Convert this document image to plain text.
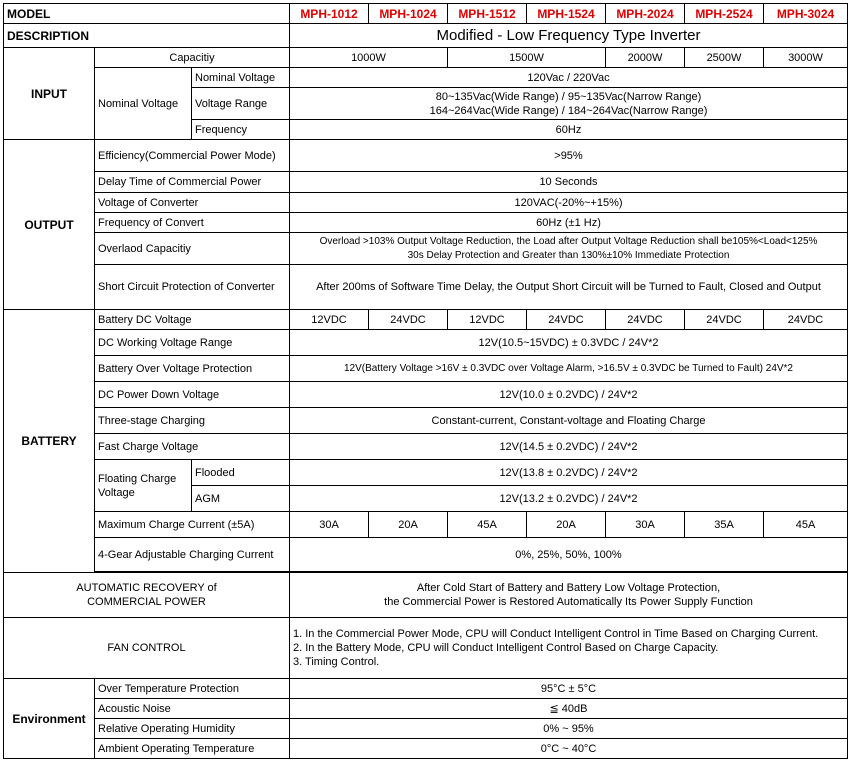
MODEL			MPH-1012	MPH-1024	MPH-1512	MPH-1524	MPH-2024	MPH-2524	MPH-3024
DESCRIPTION			Modified - Low Frequency Type Inverter						
INPUT	Capacitiy		1000W		1500W		2000W	2500W	3000W
	Nominal Voltage	Nominal Voltage	120Vac / 220Vac						
		Voltage Range	80~135Vac(Wide Range) / 95~135Vac(Narrow Range)
164~264Vac(Wide Range) / 184~264Vac(Narrow Range)						

		Frequency	60Hz						
OUTPUT	Efficiency(Commercial Power Mode)		>95%						
	Delay Time of Commercial Power		10 Seconds						
	Voltage of Converter		120VAC(-20%~+15%)						
	Frequency of Convert		60Hz (±1 Hz)						
	Overlaod Capacitiy		Overload >103% Output Voltage Reduction, the Load after Output Voltage Reduction shall be105%<Load<125%
30s Delay Protection and Greater than 130%±10% Immediate Protection						

	Short Circuit Protection of Converter		After 200ms of Software Time Delay, the Output Short Circuit will be Turned to Fault, Closed and Output						
BATTERY	Battery DC Voltage		12VDC	24VDC	12VDC	24VDC	24VDC	24VDC	24VDC
	DC Working Voltage Range		12V(10.5~15VDC) ± 0.3VDC / 24V*2						
	Battery Over Voltage Protection		12V(Battery Voltage >16V ± 0.3VDC over Voltage Alarm, >16.5V ± 0.3VDC be Turned to Fault) 24V*2						
	DC Power Down Voltage		12V(10.0 ± 0.2VDC) / 24V*2						
	Three-stage Charging		Constant-current, Constant-voltage and Floating Charge						
	Fast Charge Voltage		12V(14.5 ± 0.2VDC) / 24V*2						

	Floating Charge
Voltage	Flooded	12V(13.8 ± 0.2VDC) / 24V*2						
		AGM	12V(13.2 ± 0.2VDC) / 24V*2						
	Maximum Charge Current (±5A)		30A	20A	45A	20A	30A	35A	45A
	4-Gear Adjustable Charging Current		0%, 25%, 50%, 100%						

AUTOMATIC RECOVERY of
COMMERCIAL POWER			After Cold Start of Battery and Battery Low Voltage Protection,
the Commercial Power is Restored Automatically Its Power Supply Function						

FAN CONTROL			1. In the Commercial Power Mode, CPU will Conduct Intelligent Control in Time Based on Charging Current.
2. In the Battery Mode, CPU will Conduct Intelligent Control Based on Charge Capacity.
3. Timing Control.						

Environment	Over Temperature Protection		95°C ± 5°C						
	Acoustic Noise		≦ 40dB						
	Relative Operating Humidity		0% ~ 95%						
	Ambient Operating Temperature		0°C ~ 40°C						
